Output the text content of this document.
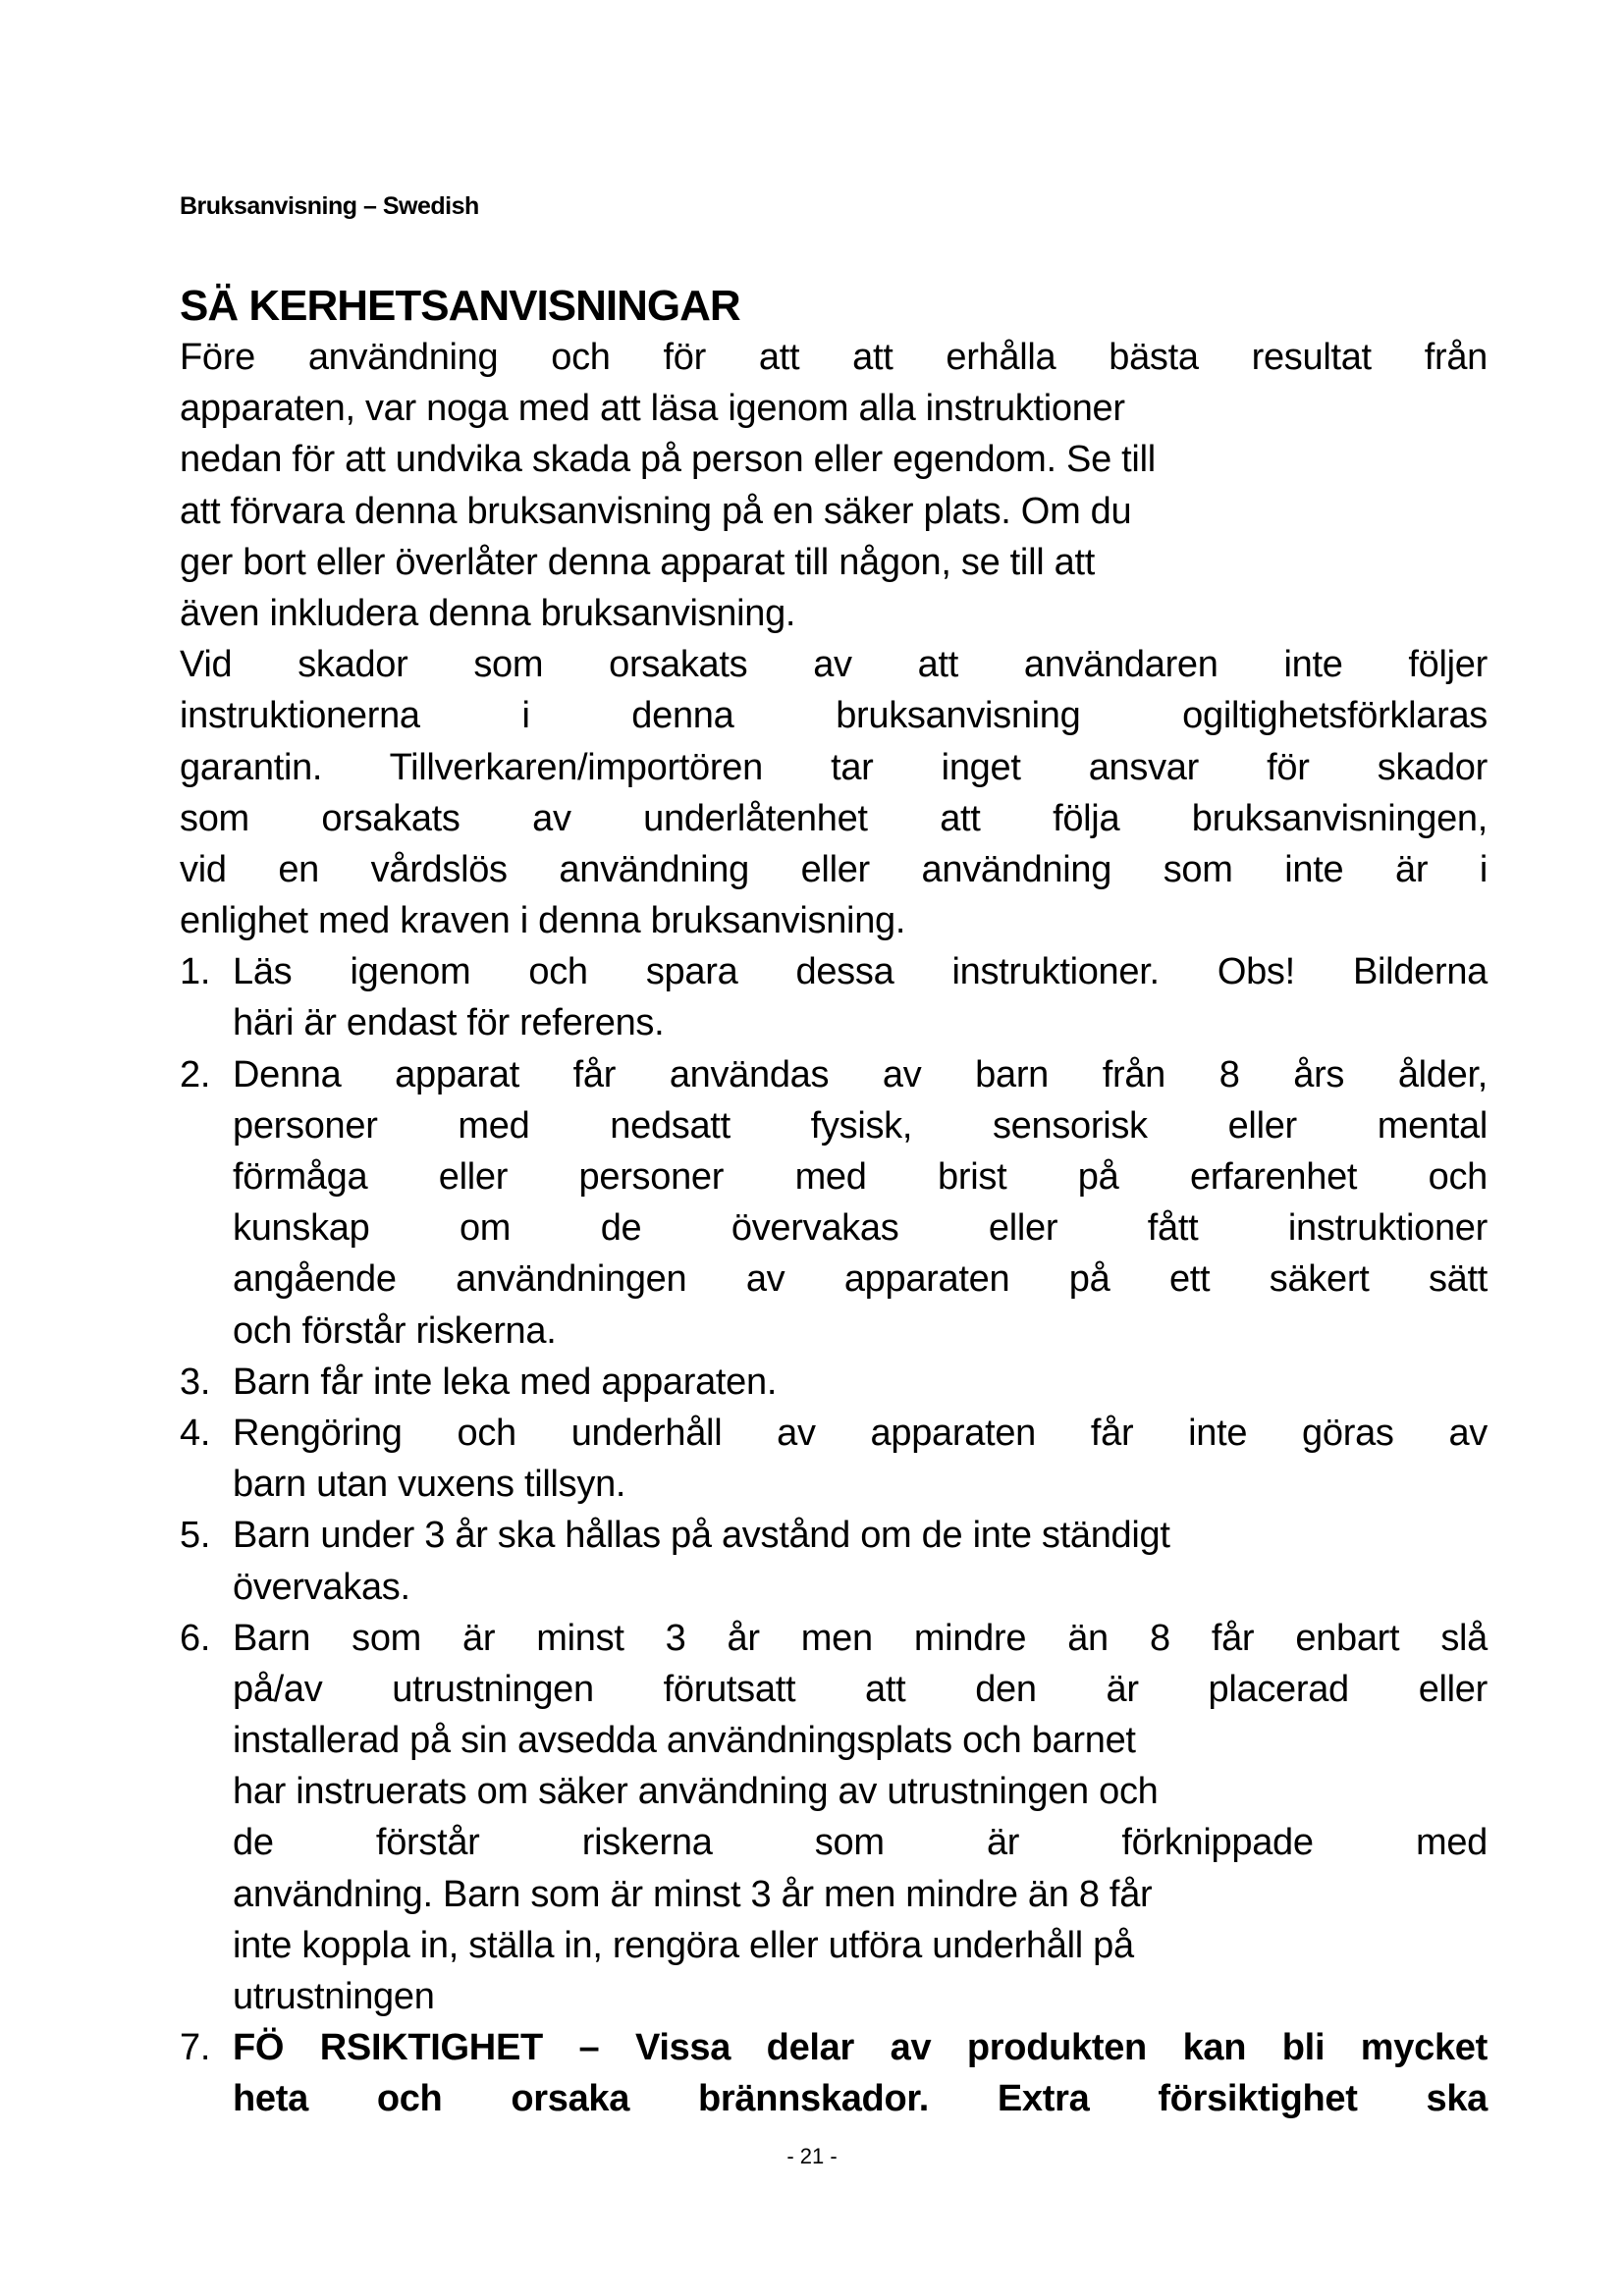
Bruksanvisning – Swedish
SÄ KERHETSANVISNINGAR
Före användning och för att att erhålla bästa resultat från
apparaten, var noga med att läsa igenom alla instruktioner
nedan för att undvika skada på person eller egendom. Se till
att förvara denna bruksanvisning på en säker plats. Om du
ger bort eller överlåter denna apparat till någon, se till att
även inkludera denna bruksanvisning.
Vid skador som orsakats av att användaren inte följer
instruktionerna i denna bruksanvisning ogiltighetsförklaras
garantin. Tillverkaren/importören tar inget ansvar för skador
som orsakats av underlåtenhet att följa bruksanvisningen,
vid en vårdslös användning eller användning som inte är i
enlighet med kraven i denna bruksanvisning.
1. Läs igenom och spara dessa instruktioner. Obs! Bilderna
häri är endast för referens.
2. Denna apparat får användas av barn från 8 års ålder,
personer med nedsatt fysisk, sensorisk eller mental
förmåga eller personer med brist på erfarenhet och
kunskap om de övervakas eller fått instruktioner
angående användningen av apparaten på ett säkert sätt
och förstår riskerna.
3. Barn får inte leka med apparaten.
4. Rengöring och underhåll av apparaten får inte göras av
barn utan vuxens tillsyn.
5. Barn under 3 år ska hållas på avstånd om de inte ständigt
övervakas.
6. Barn som är minst 3 år men mindre än 8 får enbart slå
på/av utrustningen förutsatt att den är placerad eller
installerad på sin avsedda användningsplats och barnet
har instruerats om säker användning av utrustningen och
de förstår riskerna som är förknippade med
användning. Barn som är minst 3 år men mindre än 8 får
inte koppla in, ställa in, rengöra eller utföra underhåll på
utrustningen
7. FÖ RSIKTIGHET – Vissa delar av produkten kan bli mycket
heta och orsaka brännskador. Extra försiktighet ska
- 21 -
